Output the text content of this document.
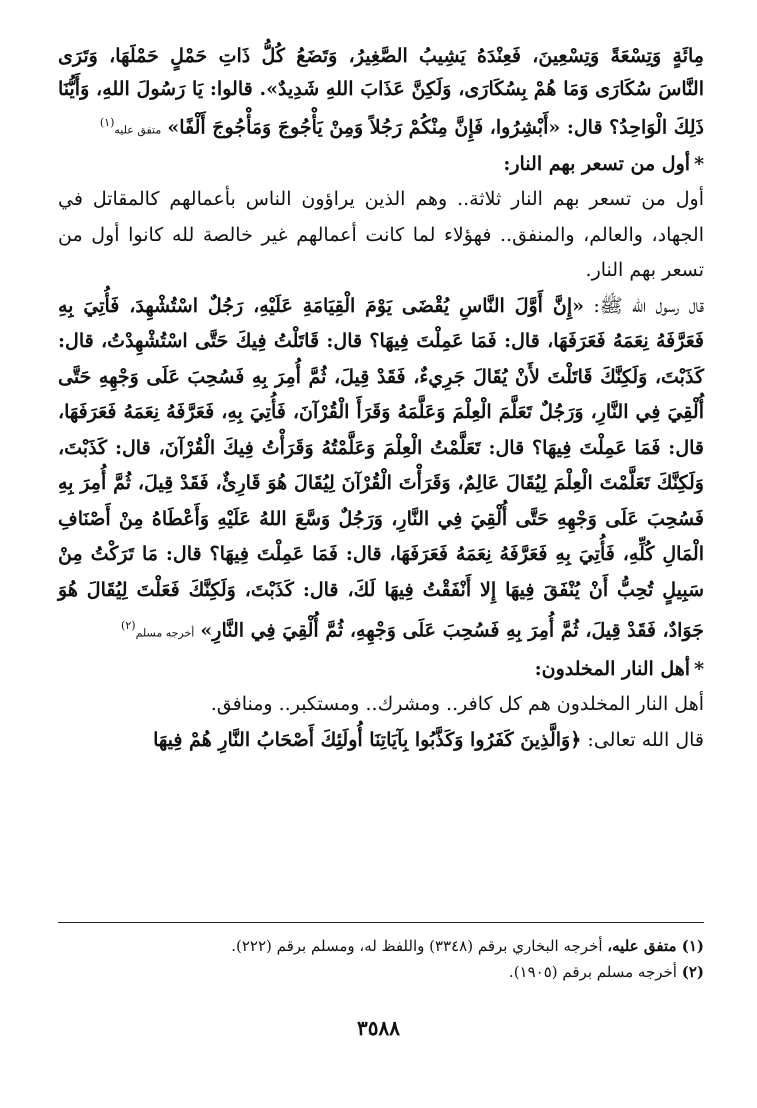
مِائَةٍ وَتِسْعَةً وَتِسْعِينَ، فَعِنْدَهُ يَشِيبُ الصَّغِيرُ، وَتَضَعُ كُلُّ ذَاتِ حَمْلٍ حَمْلَهَا، وَتَرَى النَّاسَ سُكَارَى وَمَا هُمْ بِسُكَارَى، وَلَكِنَّ عَذَابَ اللهِ شَدِيدٌ». قالوا: يَا رَسُولَ اللهِ، وَأَيُّنَا ذَلِكَ الْوَاحِدُ؟ قال: «أَبْشِرُوا، فَإِنَّ مِنْكُمْ رَجُلاً وَمِنْ يَأْجُوجَ وَمَأْجُوجَ أَلْفًا» متفق عليه$^{(١)}$

*أول من تسعر بهم النار:

أول من تسعر بهم النار ثلاثة.. وهم الذين يراؤون الناس بأعمالهم كالمقاتل في الجهاد، والعالم، والمنفق.. فهؤلاء لما كانت أعمالهم غير خالصة لله كانوا أول من تسعر بهم النار.

قال رسول الله ﷺ: «إِنَّ أَوَّلَ النَّاسِ يُقْضَى يَوْمَ الْقِيَامَةِ عَلَيْهِ، رَجُلٌ اسْتُشْهِدَ، فَأُتِيَ بِهِ فَعَرَّفَهُ نِعَمَهُ فَعَرَفَهَا، قال: فَمَا عَمِلْتَ فِيهَا؟ قال: قَاتَلْتُ فِيكَ حَتَّى اسْتُشْهِدْتُ، قال: كَذَبْتَ، وَلَكِنَّكَ قَاتَلْتَ لأَنْ يُقَالَ جَرِيءٌ، فَقَدْ قِيلَ، ثُمَّ أُمِرَ بِهِ فَسُحِبَ عَلَى وَجْهِهِ حَتَّى أُلْقِيَ فِي النَّارِ، وَرَجُلٌ تَعَلَّمَ الْعِلْمَ وَعَلَّمَهُ وَقَرَأَ الْقُرْآنَ، فَأُتِيَ بِهِ، فَعَرَّفَهُ نِعَمَهُ فَعَرَفَهَا، قال: فَمَا عَمِلْتَ فِيهَا؟ قال: تَعَلَّمْتُ الْعِلْمَ وَعَلَّمْتُهُ وَقَرَأْتُ فِيكَ الْقُرْآنَ، قال: كَذَبْتَ، وَلَكِنَّكَ تَعَلَّمْتَ الْعِلْمَ لِيُقَالَ عَالِمٌ، وَقَرَأْتَ الْقُرْآنَ لِيُقَالَ هُوَ قَارِئٌ، فَقَدْ قِيلَ، ثُمَّ أُمِرَ بِهِ فَسُحِبَ عَلَى وَجْهِهِ حَتَّى أُلْقِيَ فِي النَّارِ، وَرَجُلٌ وَسَّعَ اللهُ عَلَيْهِ وَأَعْطَاهُ مِنْ أَصْنَافِ الْمَالِ كُلِّهِ، فَأُتِيَ بِهِ فَعَرَّفَهُ نِعَمَهُ فَعَرَفَهَا، قال: فَمَا عَمِلْتَ فِيهَا؟ قال: مَا تَرَكْتُ مِنْ سَبِيلٍ تُحِبُّ أَنْ يُنْفَقَ فِيهَا إِلا أَنْفَقْتُ فِيهَا لَكَ، قال: كَذَبْتَ، وَلَكِنَّكَ فَعَلْتَ لِيُقَالَ هُوَ جَوَادٌ، فَقَدْ قِيلَ، ثُمَّ أُمِرَ بِهِ فَسُحِبَ عَلَى وَجْهِهِ، ثُمَّ أُلْقِيَ فِي النَّارِ» أخرجه مسلم$^{(٢)}$

*أهل النار المخلدون:

أهل النار المخلدون هم كل كافر.. ومشرك.. ومستكبر.. ومنافق.

قال الله تعالى: ﴿وَالَّذِينَ كَفَرُوا وَكَذَّبُوا بِآيَاتِنَا أُولَئِكَ أَصْحَابُ النَّارِ هُمْ فِيهَا

(١) متفق عليه، أخرجه البخاري برقم (٣٣٤٨) واللفظ له، ومسلم برقم (٢٢٢).

(٢) أخرجه مسلم برقم (١٩٠٥).

٣٥٨٨
